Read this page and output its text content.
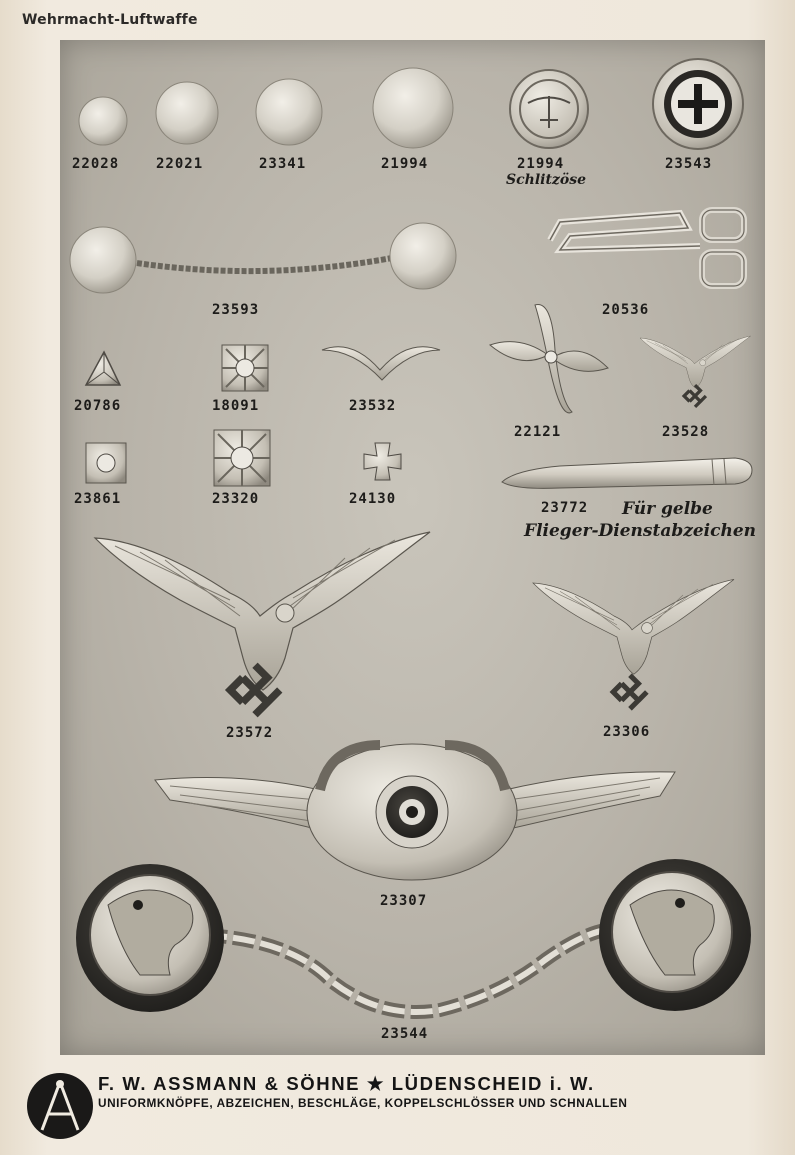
Wehrmacht-Luftwaffe
22028	22021	23341	21994	21994
Schlitzöse
23543
23593	20536
20786	18091	23532
22121	23528
23861	23320	24130
23772 Für gelbe
Flieger-Dienstabzeichen
23572	23306
23307
23544
F. W. ASSMANN & SÖHNE ★ LÜDENSCHEID i. W.
UNIFORMKNÖPFE, ABZEICHEN, BESCHLÄGE, KOPPELSCHLÖSSER UND SCHNALLEN
